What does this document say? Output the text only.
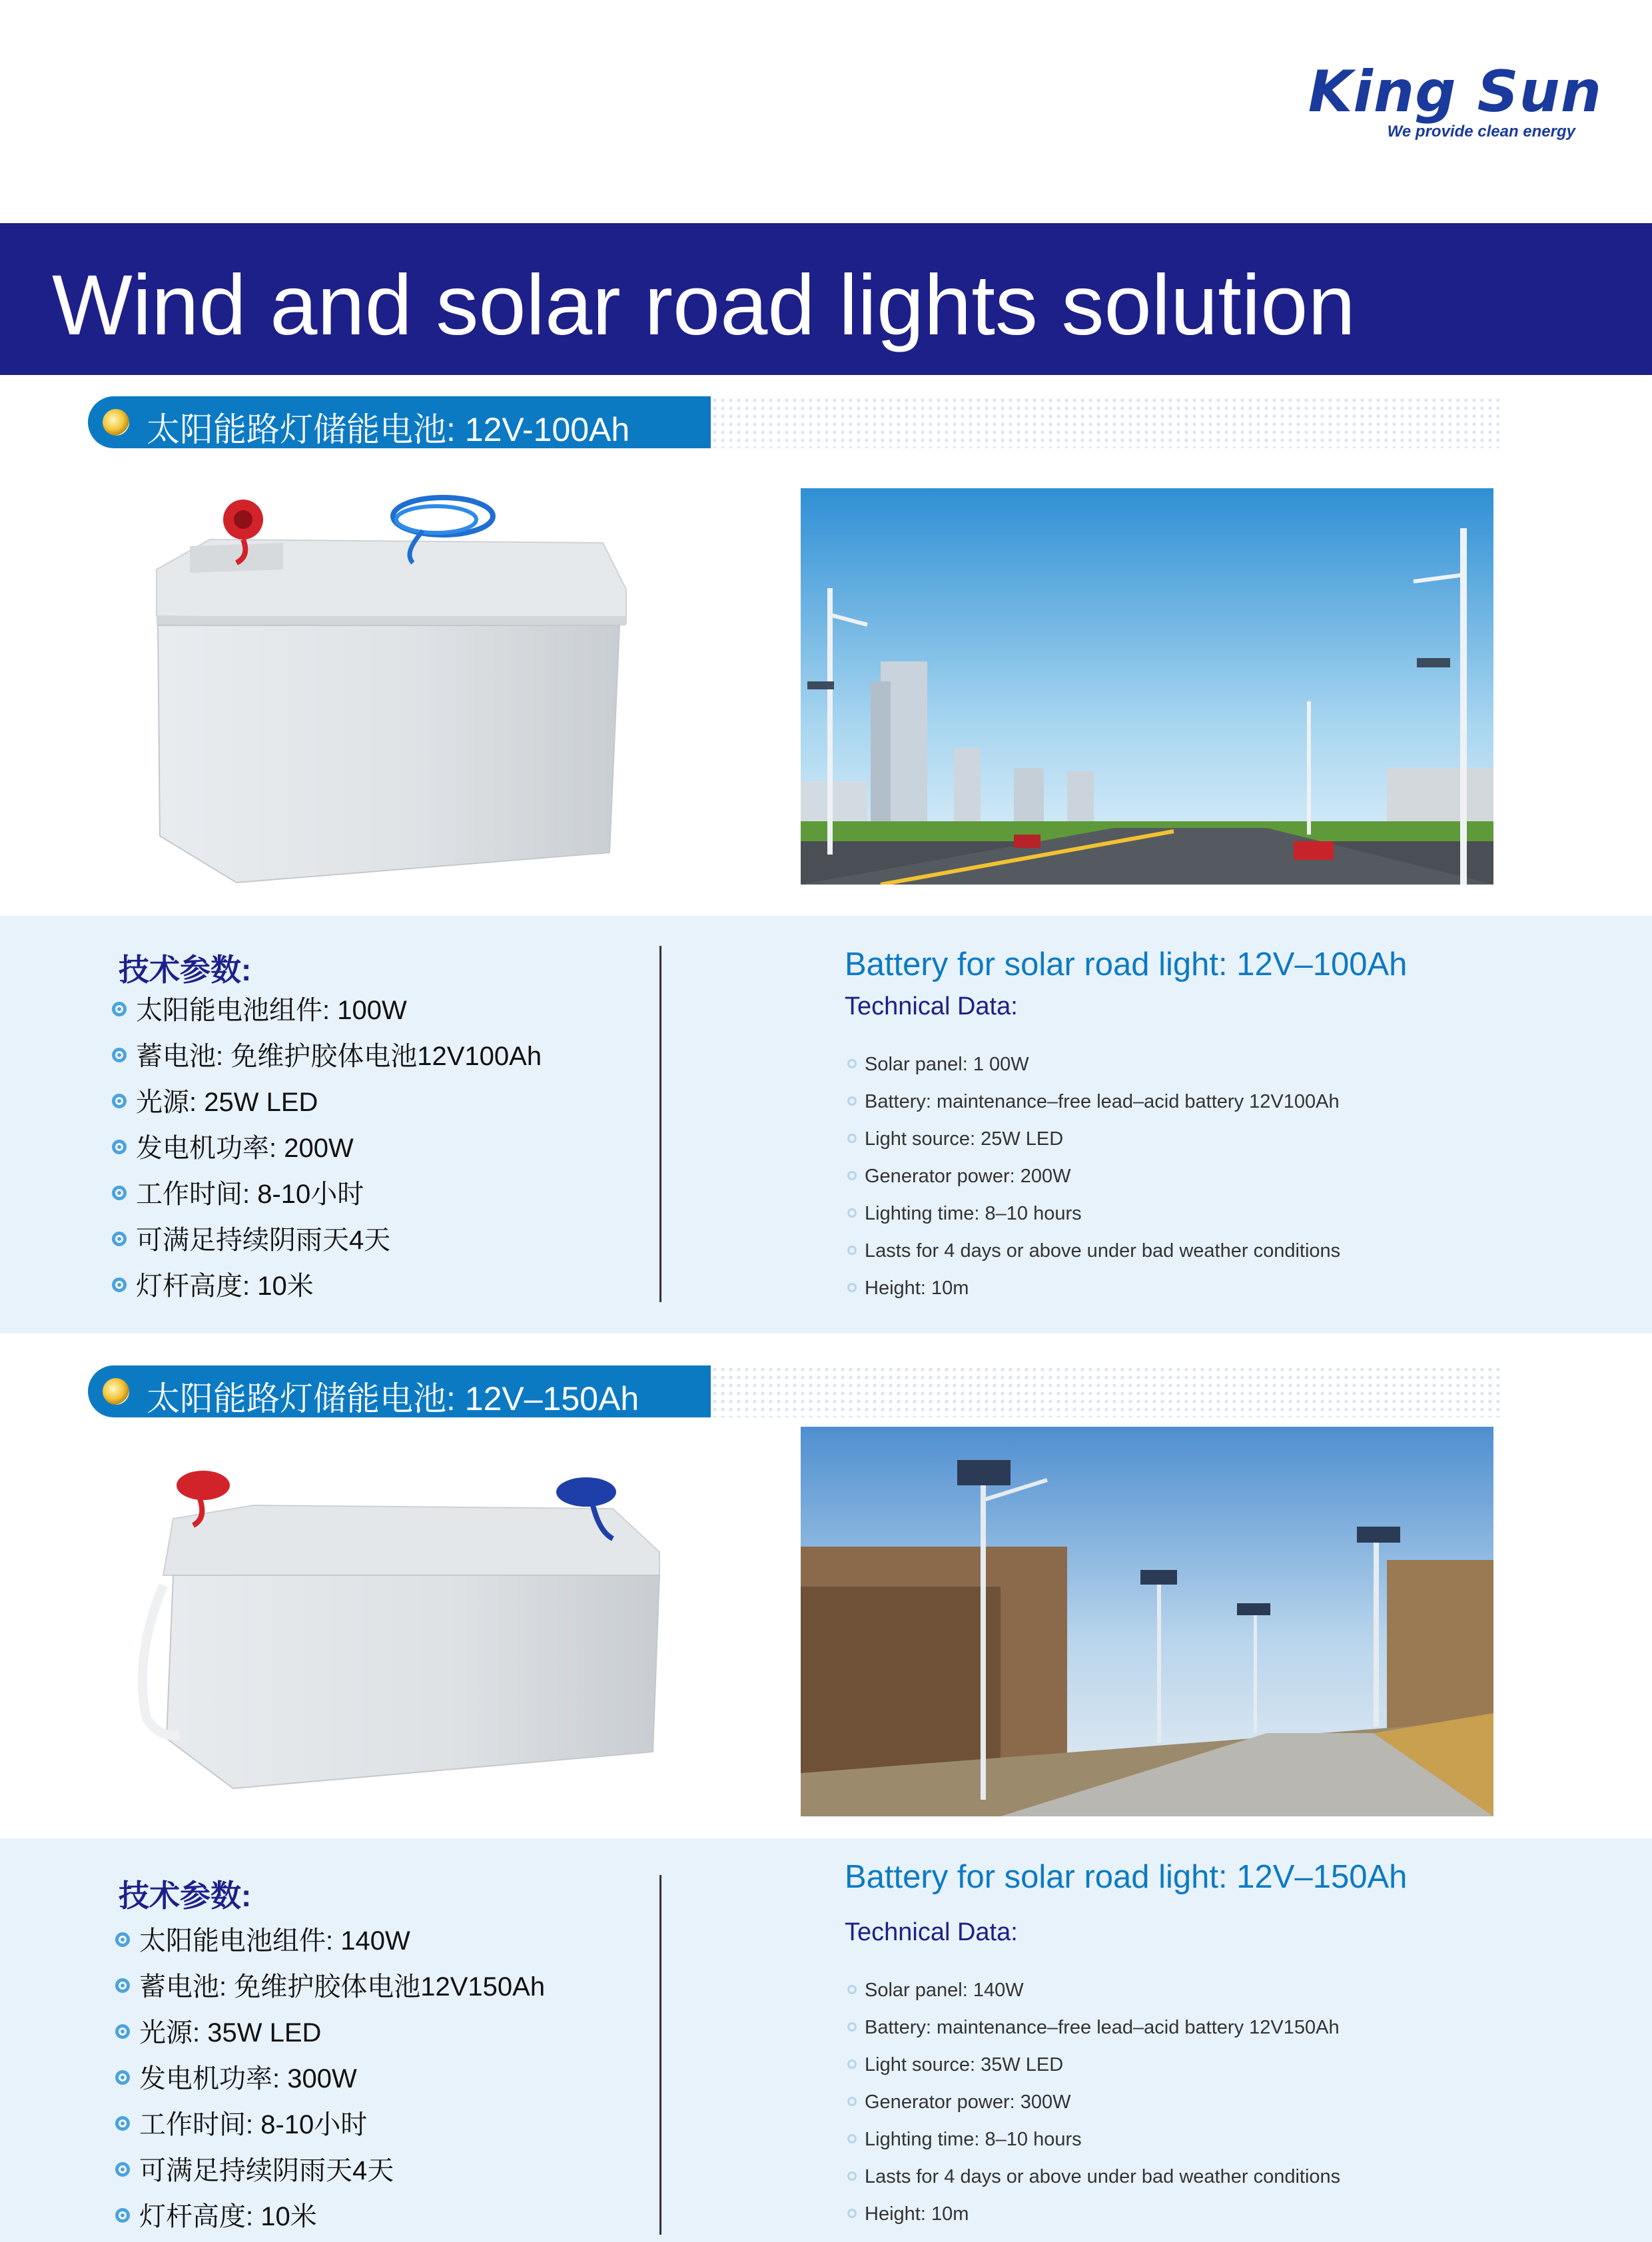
King Sun
We provide clean energy
Wind and solar road lights solution
太阳能路灯储能电池: 12V-100Ah
技术参数:
太阳能电池组件: 100W
蓄电池: 免维护胶体电池12V100Ah
光源: 25W LED
发电机功率: 200W
工作时间: 8-10小时
可满足持续阴雨天4天
灯杆高度: 10米
Battery for solar road light: 12V–100Ah
Technical Data:
Solar panel: 1 00W
Battery: maintenance–free lead–acid battery 12V100Ah
Light source: 25W LED
Generator power: 200W
Lighting time: 8–10 hours
Lasts for 4 days or above under bad weather conditions
Height: 10m
太阳能路灯储能电池: 12V–150Ah
技术参数:
太阳能电池组件: 140W
蓄电池: 免维护胶体电池12V150Ah
光源: 35W LED
发电机功率: 300W
工作时间: 8-10小时
可满足持续阴雨天4天
灯杆高度: 10米
Battery for solar road light: 12V–150Ah
Technical Data:
Solar panel: 140W
Battery: maintenance–free lead–acid battery 12V150Ah
Light source: 35W LED
Generator power: 300W
Lighting time: 8–10 hours
Lasts for 4 days or above under bad weather conditions
Height: 10m
